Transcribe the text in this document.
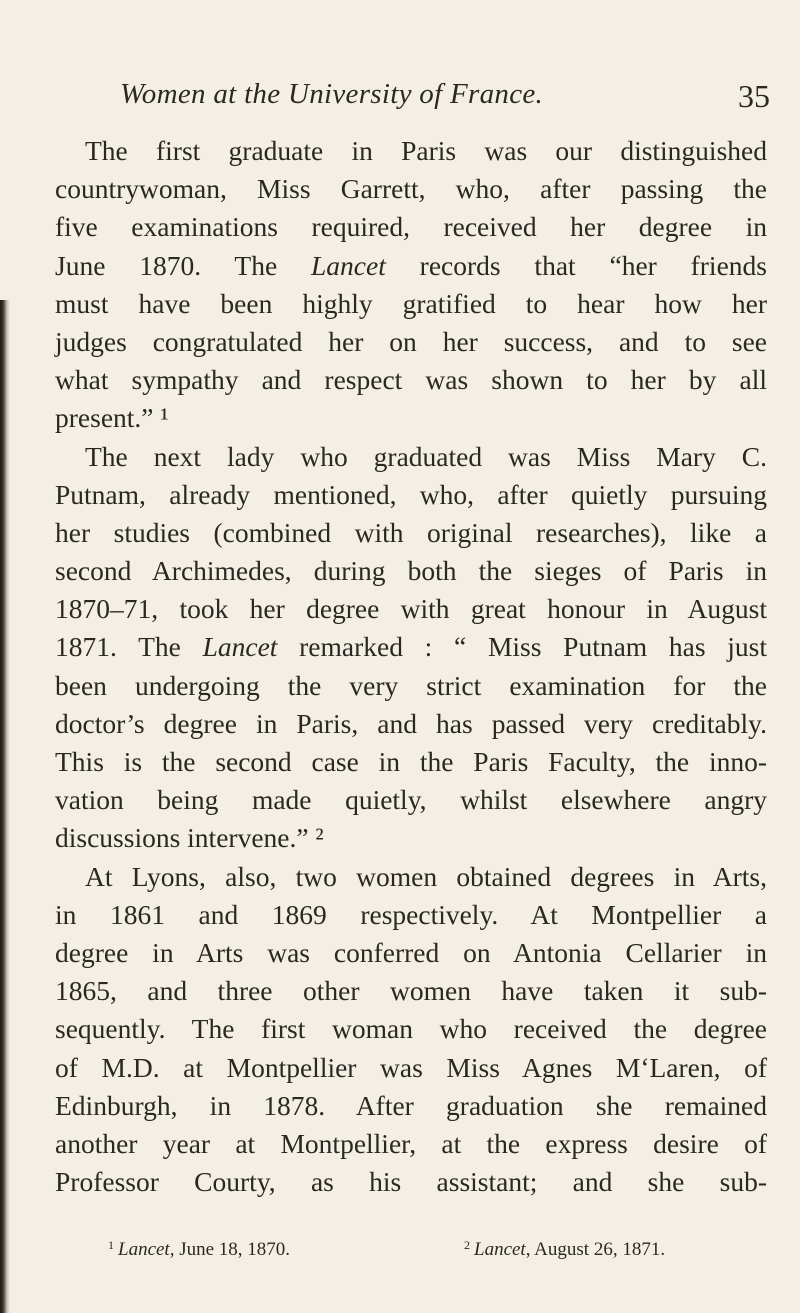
Women at the University of France.	35
The first graduate in Paris was our distinguished
countrywoman, Miss Garrett, who, after passing the
five examinations required, received her degree in
June 1870. The Lancet records that “her friends
must have been highly gratified to hear how her
judges congratulated her on her success, and to see
what sympathy and respect was shown to her by all
present.” ¹
The next lady who graduated was Miss Mary C.
Putnam, already mentioned, who, after quietly pursuing
her studies (combined with original researches), like a
second Archimedes, during both the sieges of Paris in
1870–71, took her degree with great honour in August
1871. The Lancet remarked : “ Miss Putnam has just
been undergoing the very strict examination for the
doctor’s degree in Paris, and has passed very creditably.
This is the second case in the Paris Faculty, the inno-
vation being made quietly, whilst elsewhere angry
discussions intervene.” ²
At Lyons, also, two women obtained degrees in Arts,
in 1861 and 1869 respectively. At Montpellier a
degree in Arts was conferred on Antonia Cellarier in
1865, and three other women have taken it sub-
sequently. The first woman who received the degree
of M.D. at Montpellier was Miss Agnes M‘Laren, of
Edinburgh, in 1878. After graduation she remained
another year at Montpellier, at the express desire of
Professor Courty, as his assistant; and she sub-
$^1$ Lancet, June 18, 1870.	$^2$ Lancet, August 26, 1871.
